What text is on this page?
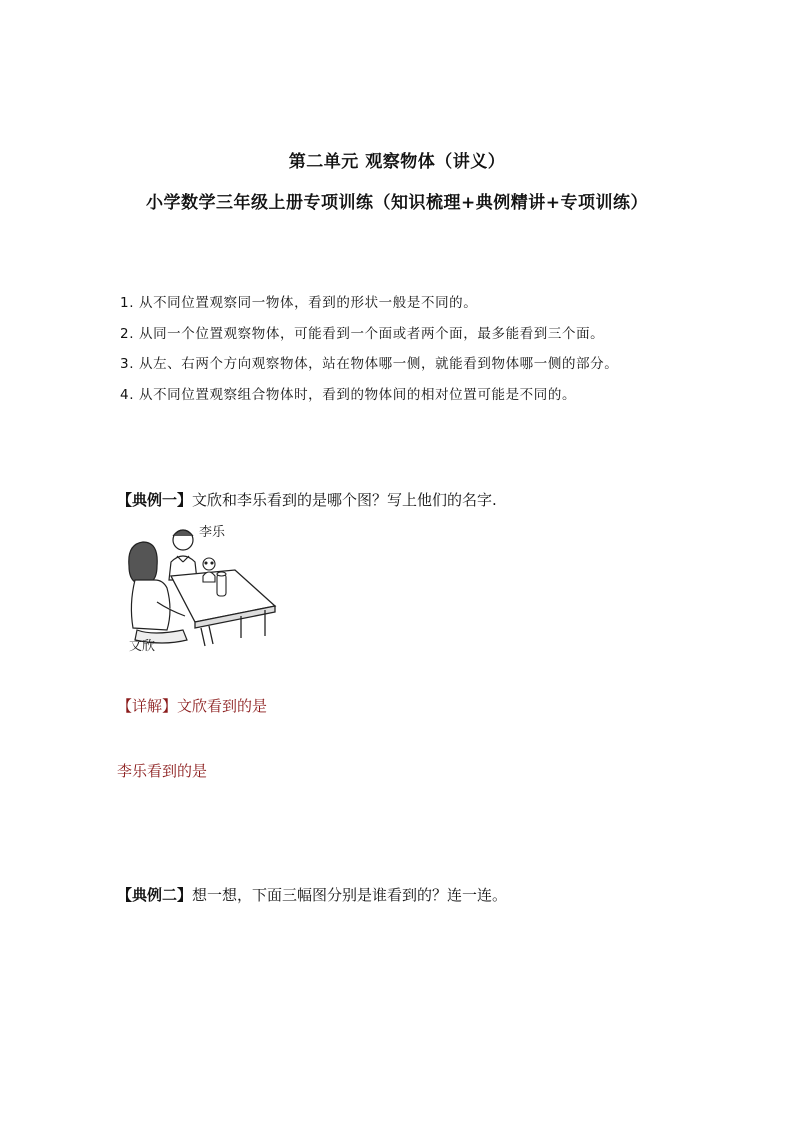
第二单元 观察物体（讲义）
小学数学三年级上册专项训练（知识梳理+典例精讲+专项训练）
1. 从不同位置观察同一物体，看到的形状一般是不同的。
2. 从同一个位置观察物体，可能看到一个面或者两个面，最多能看到三个面。
3. 从左、右两个方向观察物体，站在物体哪一侧，就能看到物体哪一侧的部分。
4. 从不同位置观察组合物体时，看到的物体间的相对位置可能是不同的。
【典例一】文欣和李乐看到的是哪个图？写上他们的名字.
李乐
文欣
【详解】文欣看到的是
李乐看到的是
【典例二】想一想，下面三幅图分别是谁看到的？连一连。
